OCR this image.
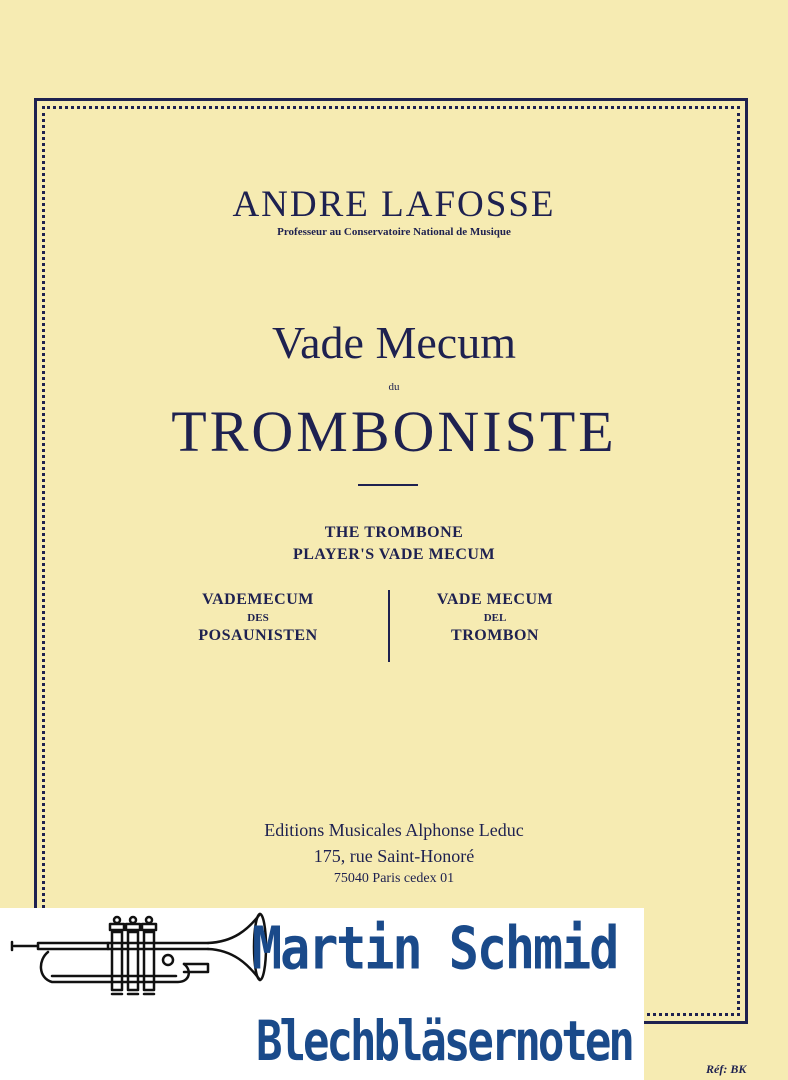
ANDRE LAFOSSE
Professeur au Conservatoire National de Musique
Vade Mecum
du
TROMBONISTE
THE TROMBONE
PLAYER'S VADE MECUM
VADEMECUM
DES
POSAUNISTEN
VADE MECUM
DEL
TROMBON
Editions Musicales Alphonse Leduc
175, rue Saint-Honoré
75040 Paris cedex 01
Réf: BK
Martin Schmid
Blechbläsernoten
